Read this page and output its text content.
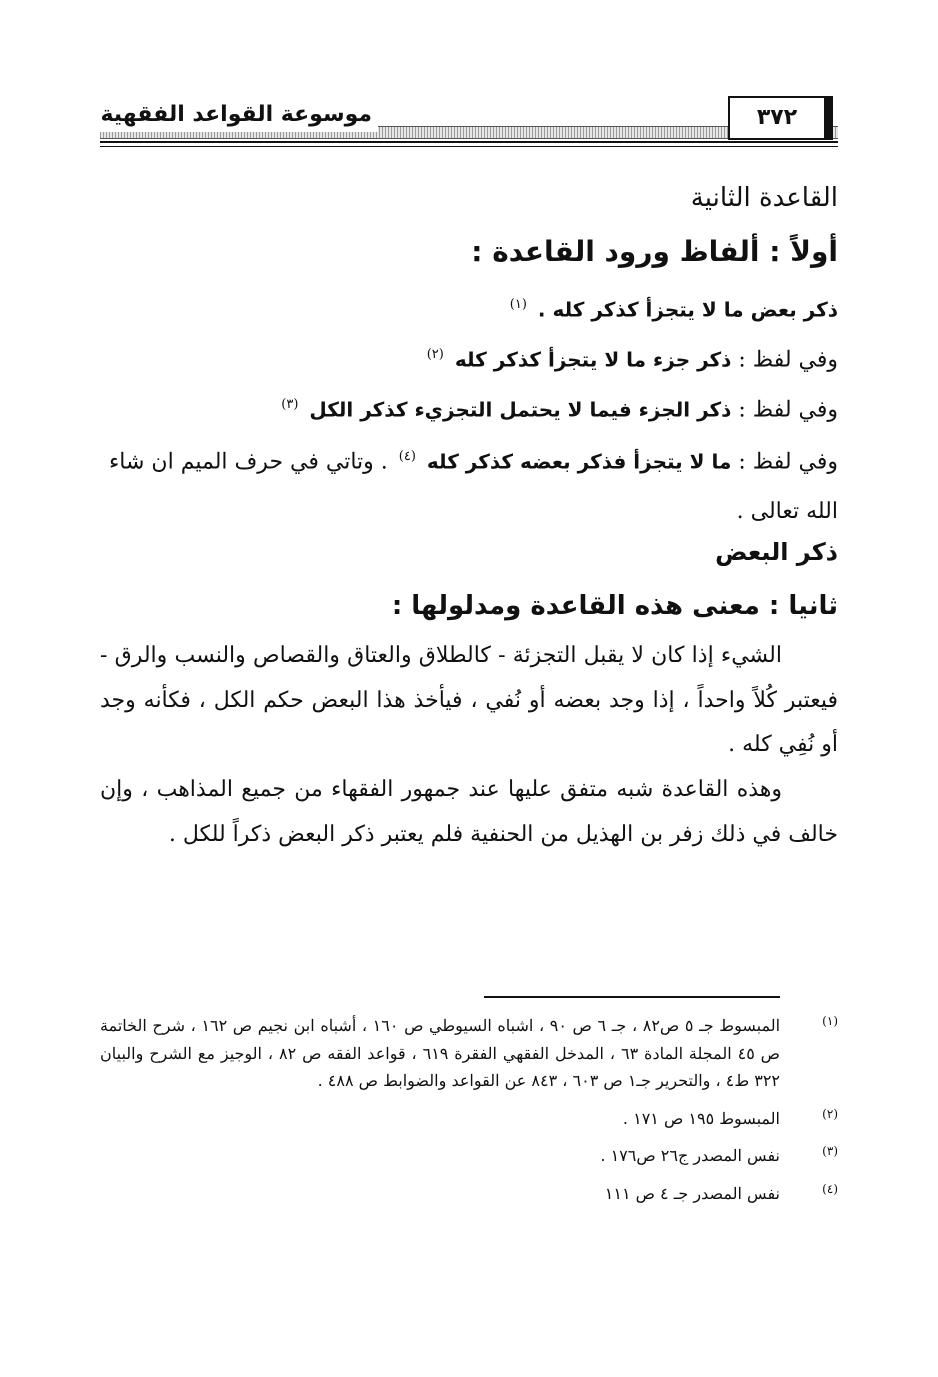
موسوعة القواعد الفقهية	٣٧٢
القاعدة الثانية
أولاً : ألفاظ ورود القاعدة :
ذكر بعض ما لا يتجزأ كذكر كله . $^{(١)}$
وفي لفظ : ذكر جزء ما لا يتجزأ كذكر كله $^{(٢)}$
وفي لفظ : ذكر الجزء فيما لا يحتمل التجزيء كذكر الكل $^{(٣)}$
وفي لفظ : ما لا يتجزأ فذكر بعضه كذكر كله $^{(٤)}$ . وتاتي في حرف الميم ان شاء الله تعالى .
ذكر البعض
ثانيا : معنى هذه القاعدة ومدلولها :
الشيء إذا كان لا يقبل التجزئة - كالطلاق والعتاق والقصاص والنسب والرق - فيعتبر كُلاً واحداً ، إذا وجد بعضه أو نُفي ، فيأخذ هذا البعض حكم الكل ، فكأنه وجد أو نُفِي كله .
وهذه القاعدة شبه متفق عليها عند جمهور الفقهاء من جميع المذاهب ، وإن خالف في ذلك زفر بن الهذيل من الحنفية فلم يعتبر ذكر البعض ذكراً للكل .
(١)
المبسوط جـ ٥ ص٨٢ ، جـ ٦ ص ٩٠ ، اشباه السيوطي ص ١٦٠ ، أشباه ابن نجيم ص ١٦٢ ، شرح الخاتمة ص ٤٥ المجلة المادة ٦٣ ، المدخل الفقهي الفقرة ٦١٩ ، قواعد الفقه ص ٨٢ ، الوجيز مع الشرح والبيان ٣٢٢ ط٤ ، والتحرير جـ١ ص ٦٠٣ ، ٨٤٣ عن القواعد والضوابط ص ٤٨٨ .
(٢)
المبسوط ١٩٥ ص ١٧١ .
(٣)
نفس المصدر ج٢٦ ص١٧٦ .
(٤)
نفس المصدر جـ ٤ ص ١١١
